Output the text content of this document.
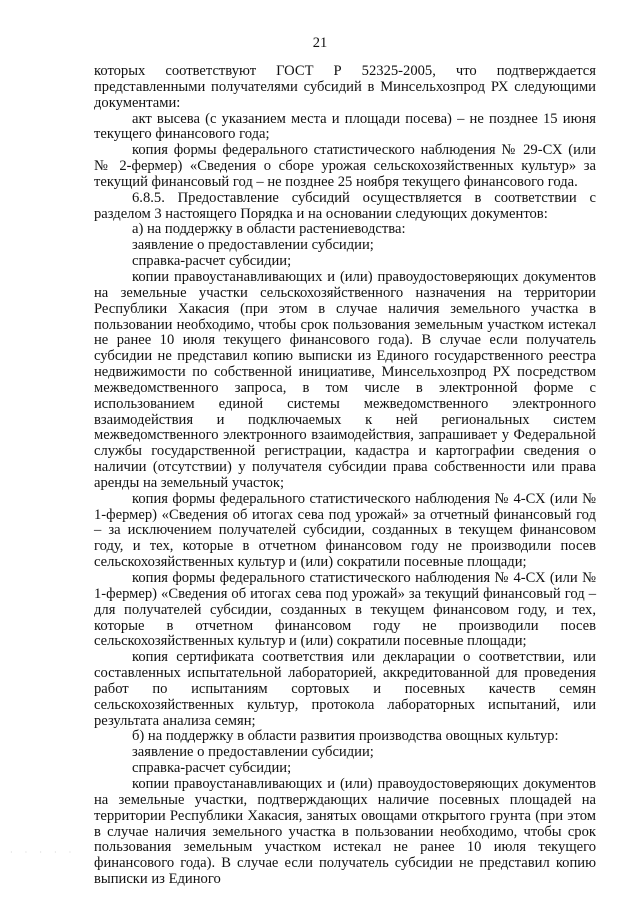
21

которых соответствуют ГОСТ Р 52325-2005, что подтверждается представленными получателями субсидий в Минсельхозпрод РХ следующими документами:

акт высева (с указанием места и площади посева) – не позднее 15 июня текущего финансового года;

копия формы федерального статистического наблюдения № 29-СХ (или № 2-фермер) «Сведения о сборе урожая сельскохозяйственных культур» за текущий финансовый год – не позднее 25 ноября текущего финансового года.

6.8.5. Предоставление субсидий осуществляется в соответствии с разделом 3 настоящего Порядка и на основании следующих документов:

а) на поддержку в области растениеводства:

заявление о предоставлении субсидии;

справка-расчет субсидии;

копии правоустанавливающих и (или) правоудостоверяющих документов на земельные участки сельскохозяйственного назначения на территории Республики Хакасия (при этом в случае наличия земельного участка в пользовании необходимо, чтобы срок пользования земельным участком истекал не ранее 10 июля текущего финансового года). В случае если получатель субсидии не представил копию выписки из Единого государственного реестра недвижимости по собственной инициативе, Минсельхозпрод РХ посредством межведомственного запроса, в том числе в электронной форме с использованием единой системы межведомственного электронного взаимодействия и подключаемых к ней региональных систем межведомственного электронного взаимодействия, запрашивает у Федеральной службы государственной регистрации, кадастра и картографии сведения о наличии (отсутствии) у получателя субсидии права собственности или права аренды на земельный участок;

копия формы федерального статистического наблюдения № 4-СХ (или № 1-фермер) «Сведения об итогах сева под урожай» за отчетный финансовый год – за исключением получателей субсидии, созданных в текущем финансовом году, и тех, которые в отчетном финансовом году не производили посев сельскохозяйственных культур и (или) сократили посевные площади;

копия формы федерального статистического наблюдения № 4-СХ (или № 1-фермер) «Сведения об итогах сева под урожай» за текущий финансовый год – для получателей субсидии, созданных в текущем финансовом году, и тех, которые в отчетном финансовом году не производили посев сельскохозяйственных культур и (или) сократили посевные площади;

копия сертификата соответствия или декларации о соответствии, или составленных испытательной лабораторией, аккредитованной для проведения работ по испытаниям сортовых и посевных качеств семян сельскохозяйственных культур, протокола лабораторных испытаний, или результата анализа семян;

б) на поддержку в области развития производства овощных культур:

заявление о предоставлении субсидии;

справка-расчет субсидии;

копии правоустанавливающих и (или) правоудостоверяющих документов на земельные участки, подтверждающих наличие посевных площадей на территории Республики Хакасия, занятых овощами открытого грунта (при этом в случае наличия земельного участка в пользовании необходимо, чтобы срок пользования земельным участком истекал не ранее 10 июля текущего финансового года). В случае если получатель субсидии не представил копию выписки из Единого

· · · · ·
